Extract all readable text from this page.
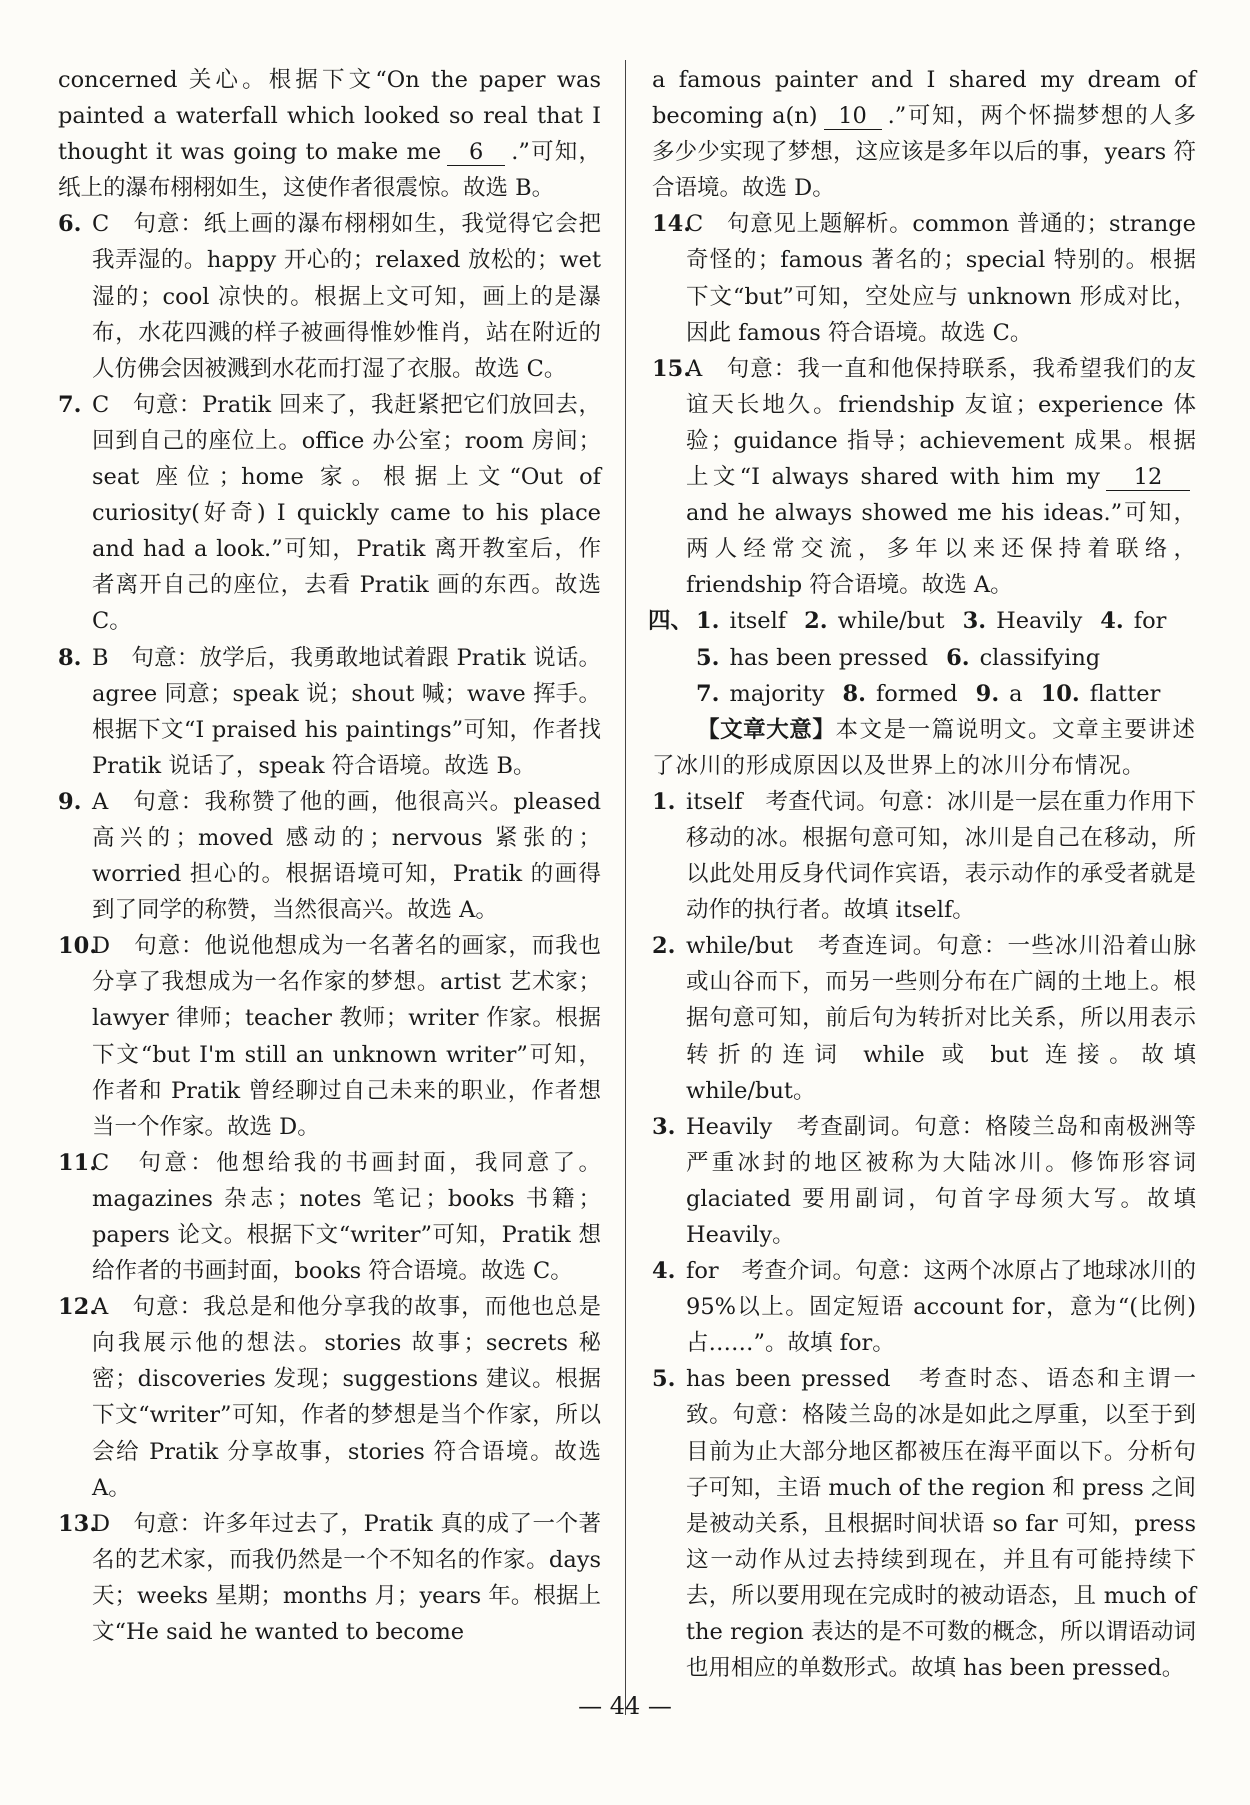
concerned 关心。根据下文“On the paper was painted a waterfall which looked so real that I thought it was going to make me 6 .”可知，纸上的瀑布栩栩如生，这使作者很震惊。故选 B。

6. C　句意：纸上画的瀑布栩栩如生，我觉得它会把我弄湿的。happy 开心的；relaxed 放松的；wet 湿的；cool 凉快的。根据上文可知，画上的是瀑布，水花四溅的样子被画得惟妙惟肖，站在附近的人仿佛会因被溅到水花而打湿了衣服。故选 C。

7. C　句意：Pratik 回来了，我赶紧把它们放回去，回到自己的座位上。office 办公室；room 房间；seat 座位；home 家。根据上文“Out of curiosity(好奇) I quickly came to his place and had a look.”可知，Pratik 离开教室后，作者离开自己的座位，去看 Pratik 画的东西。故选 C。

8. B　句意：放学后，我勇敢地试着跟 Pratik 说话。agree 同意；speak 说；shout 喊；wave 挥手。根据下文“I praised his paintings”可知，作者找 Pratik 说话了，speak 符合语境。故选 B。

9. A　句意：我称赞了他的画，他很高兴。pleased 高兴的；moved 感动的；nervous 紧张的；worried 担心的。根据语境可知，Pratik 的画得到了同学的称赞，当然很高兴。故选 A。

10.
D　句意：他说他想成为一名著名的画家，而我也分享了我想成为一名作家的梦想。artist 艺术家；lawyer 律师；teacher 教师；writer 作家。根据下文“but I'm still an unknown writer”可知，作者和 Pratik 曾经聊过自己未来的职业，作者想当一个作家。故选 D。

11.
C　句意：他想给我的书画封面，我同意了。magazines 杂志；notes 笔记；books 书籍；papers 论文。根据下文“writer”可知，Pratik 想给作者的书画封面，books 符合语境。故选 C。

12.
A　句意：我总是和他分享我的故事，而他也总是向我展示他的想法。stories 故事；secrets 秘密；discoveries 发现；suggestions 建议。根据下文“writer”可知，作者的梦想是当个作家，所以会给 Pratik 分享故事，stories 符合语境。故选 A。

13.
D　句意：许多年过去了，Pratik 真的成了一个著名的艺术家，而我仍然是一个不知名的作家。days 天；weeks 星期；months 月；years 年。根据上文“He said he wanted to become

a famous painter and I shared my dream of becoming a(n) 10 .”可知，两个怀揣梦想的人多多少少实现了梦想，这应该是多年以后的事，years 符合语境。故选 D。

14.
C　句意见上题解析。common 普通的；strange 奇怪的；famous 著名的；special 特别的。根据下文“but”可知，空处应与 unknown 形成对比，因此 famous 符合语境。故选 C。

15.
A　句意：我一直和他保持联系，我希望我们的友谊天长地久。friendship 友谊；experience 体验；guidance 指导；achievement 成果。根据上文“I always shared with him my 12and he always showed me his ideas.”可知，两人经常交流，多年以来还保持着联络，friendship 符合语境。故选 A。

四、 1. itself 2. while/but 3. Heavily 4. for
5. has been pressed 6. classifying
7. majority 8. formed 9. a 10. flatter

【文章大意】本文是一篇说明文。文章主要讲述了冰川的形成原因以及世界上的冰川分布情况。

1. itself　考查代词。句意：冰川是一层在重力作用下移动的冰。根据句意可知，冰川是自己在移动，所以此处用反身代词作宾语，表示动作的承受者就是动作的执行者。故填 itself。

2. while/but　考查连词。句意：一些冰川沿着山脉或山谷而下，而另一些则分布在广阔的土地上。根据句意可知，前后句为转折对比关系，所以用表示转折的连词 while 或 but 连接。故填 while/but。

3. Heavily　考查副词。句意：格陵兰岛和南极洲等严重冰封的地区被称为大陆冰川。修饰形容词 glaciated 要用副词，句首字母须大写。故填 Heavily。

4. for　考查介词。句意：这两个冰原占了地球冰川的 95%以上。固定短语 account for，意为“(比例)占……”。故填 for。

5. has been pressed　考查时态、语态和主谓一致。句意：格陵兰岛的冰是如此之厚重，以至于到目前为止大部分地区都被压在海平面以下。分析句子可知，主语 much of the region 和 press 之间是被动关系，且根据时间状语 so far 可知，press 这一动作从过去持续到现在，并且有可能持续下去，所以要用现在完成时的被动语态，且 much of the region 表达的是不可数的概念，所以谓语动词也用相应的单数形式。故填 has been pressed。

— 44 —
